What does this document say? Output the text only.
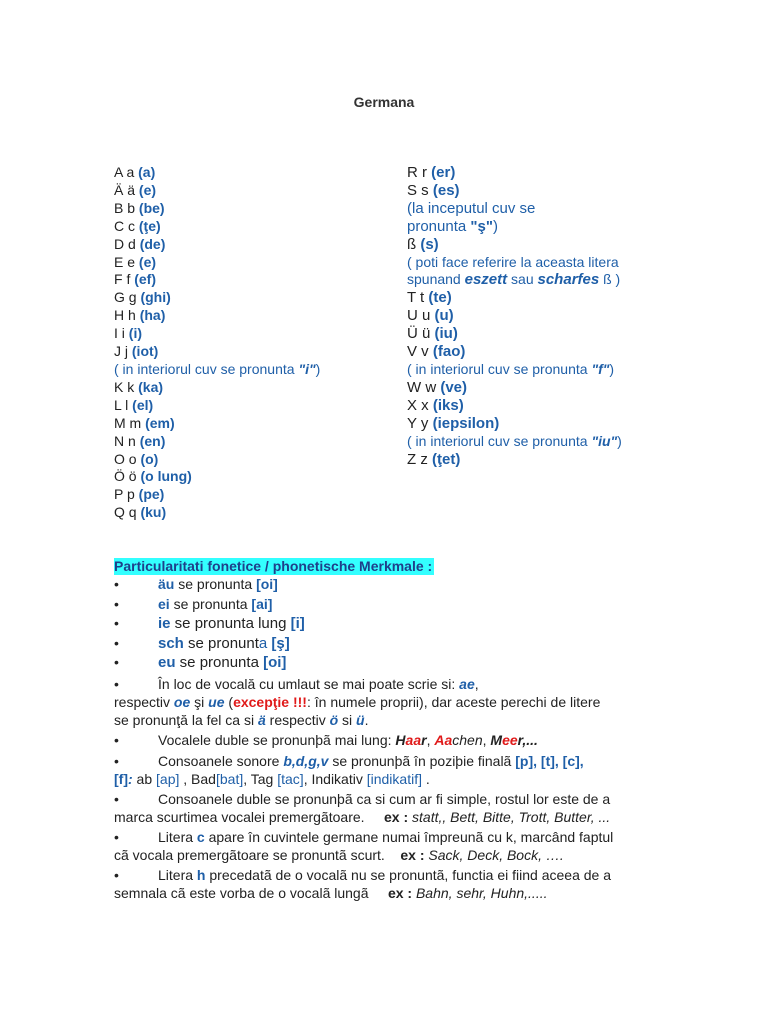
Germana
A a (a)
Ä ä (e)
B b (be)
C c (ţe)
D d (de)
E e (e)
F f (ef)
G g (ghi)
H h (ha)
I i (i)
J j (iot)
( in interiorul cuv se pronunta "i")
K k (ka)
L l (el)
M m (em)
N n (en)
O o (o)
Ö ö (o lung)
P p (pe)
Q q (ku)
R r (er)
S s (es)
(la inceputul cuv se
pronunta "ş")
ß (s)
( poti face referire la aceasta litera
spunand eszett sau scharfes ß )
T t (te)
U u (u)
Ü ü (iu)
V v (fao)
( in interiorul cuv se pronunta "f")
W w (ve)
X x (iks)
Y y (iepsilon)
( in interiorul cuv se pronunta "iu")
Z z (ţet)
Particularitati fonetice / phonetische Merkmale :
•	äu se pronunta [oi]
•	ei se pronunta [ai]
•	ie se pronunta lung [i]
•	sch se pronunta [ş]
•	eu se pronunta [oi]
•	În loc de vocală cu umlaut se mai poate scrie si: ae,
respectiv oe şi ue (excepţie !!!: în numele proprii), dar aceste perechi de litere
se pronunţă la fel ca si ä respectiv ö si ü.
•	Vocalele duble se pronunþã mai lung: Haar, Aachen, Meer,...
•	Consoanele sonore b,d,g,v se pronunþã în poziþie finalã [p], [t], [c],
[f]: ab [ap] , Bad[bat], Tag [tac], Indikativ [indikatif] .
•	Consoanele duble se pronunþã ca si cum ar fi simple, rostul lor este de a
marca scurtimea vocalei premergãtoare.     ex : statt,, Bett, Bitte, Trott, Butter, ...
•	Litera c apare în cuvintele germane numai împreunã cu k, marcând faptul
cã vocala premergãtoare se pronuntã scurt.    ex : Sack, Deck, Bock, ….
•	Litera h precedatã de o vocalã nu se pronuntã, functia ei fiind aceea de a
semnala cã este vorba de o vocalã lungã     ex : Bahn, sehr, Huhn,.....
